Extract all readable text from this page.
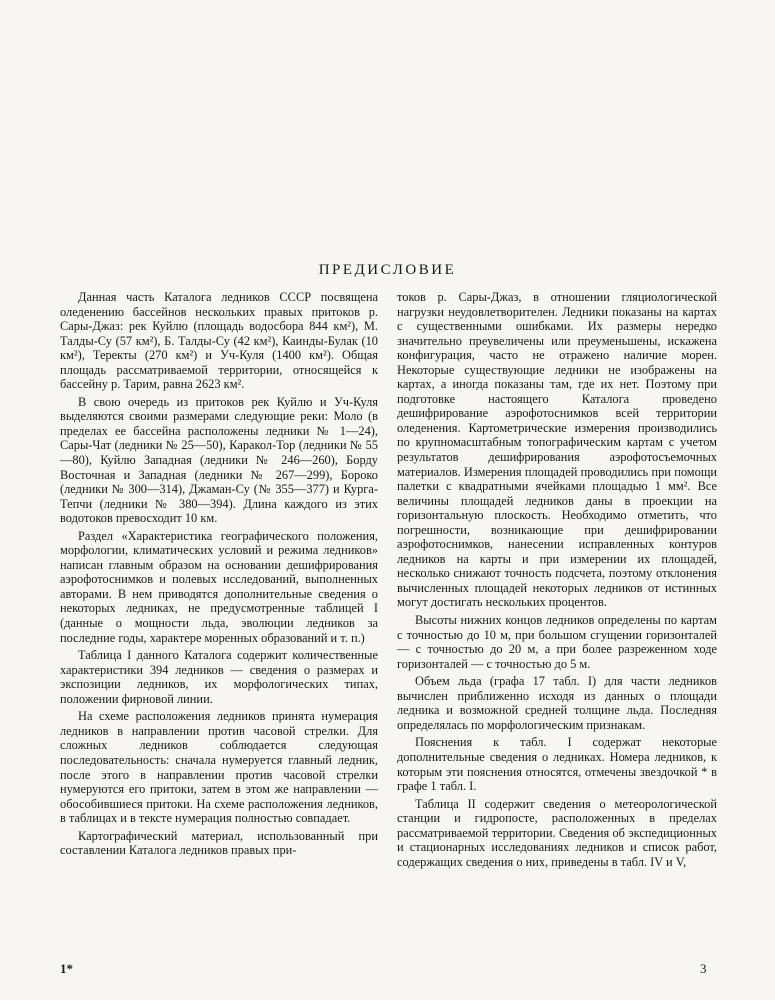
ПРЕДИСЛОВИЕ

Данная часть Каталога ледников СССР посвящена оледенению бассейнов нескольких правых притоков р. Сары-Джаз: рек Куйлю (площадь водосбора 844 км²), М. Талды-Су (57 км²), Б. Талды-Су (42 км²), Каинды-Булак (10 км²), Теректы (270 км²) и Уч-Куля (1400 км²). Общая площадь рассматриваемой территории, относящейся к бассейну р. Тарим, равна 2623 км².

В свою очередь из притоков рек Куйлю и Уч-Куля выделяются своими размерами следующие реки: Моло (в пределах ее бассейна расположены ледники № 1—24), Сары-Чат (ледники № 25—50), Каракол-Тор (ледники № 55—80), Куйлю Западная (ледники № 246—260), Борду Восточная и Западная (ледники № 267—299), Бороко (ледники № 300—314), Джаман-Су (№ 355—377) и Курга-Тепчи (ледники № 380—394). Длина каждого из этих водотоков превосходит 10 км.

Раздел «Характеристика географического положения, морфологии, климатических условий и режима ледников» написан главным образом на основании дешифрирования аэрофотоснимков и полевых исследований, выполненных авторами. В нем приводятся дополнительные сведения о некоторых ледниках, не предусмотренные таблицей I (данные о мощности льда, эволюции ледников за последние годы, характере моренных образований и т. п.)

Таблица I данного Каталога содержит количественные характеристики 394 ледников — сведения о размерах и экспозиции ледников, их морфологических типах, положении фирновой линии.

На схеме расположения ледников принята нумерация ледников в направлении против часовой стрелки. Для сложных ледников соблюдается следующая последовательность: сначала нумеруется главный ледник, после этого в направлении против часовой стрелки нумеруются его притоки, затем в этом же направлении — обособившиеся притоки. На схеме расположения ледников, в таблицах и в тексте нумерация полностью совпадает.

Картографический материал, использованный при составлении Каталога ледников правых при-

токов р. Сары-Джаз, в отношении гляциологической нагрузки неудовлетворителен. Ледники показаны на картах с существенными ошибками. Их размеры нередко значительно преувеличены или преуменьшены, искажена конфигурация, часто не отражено наличие морен. Некоторые существующие ледники не изображены на картах, а иногда показаны там, где их нет. Поэтому при подготовке настоящего Каталога проведено дешифрирование аэрофотоснимков всей территории оледенения. Картометрические измерения производились по крупномасштабным топографическим картам с учетом результатов дешифрирования аэрофотосъемочных материалов. Измерения площадей проводились при помощи палетки с квадратными ячейками площадью 1 мм². Все величины площадей ледников даны в проекции на горизонтальную плоскость. Необходимо отметить, что погрешности, возникающие при дешифрировании аэрофотоснимков, нанесении исправленных контуров ледников на карты и при измерении их площадей, несколько снижают точность подсчета, поэтому отклонения вычисленных площадей некоторых ледников от истинных могут достигать нескольких процентов.

Высоты нижних концов ледников определены по картам с точностью до 10 м, при большом сгущении горизонталей — с точностью до 20 м, а при более разреженном ходе горизонталей — с точностью до 5 м.

Объем льда (графа 17 табл. I) для части ледников вычислен приближенно исходя из данных о площади ледника и возможной средней толщине льда. Последняя определялась по морфологическим признакам.

Пояснения к табл. I содержат некоторые дополнительные сведения о ледниках. Номера ледников, к которым эти пояснения относятся, отмечены звездочкой * в графе 1 табл. I.

Таблица II содержит сведения о метеорологической станции и гидропосте, расположенных в пределах рассматриваемой территории. Сведения об экспедиционных и стационарных исследованиях ледников и список работ, содержащих сведения о них, приведены в табл. IV и V,

1*	3
